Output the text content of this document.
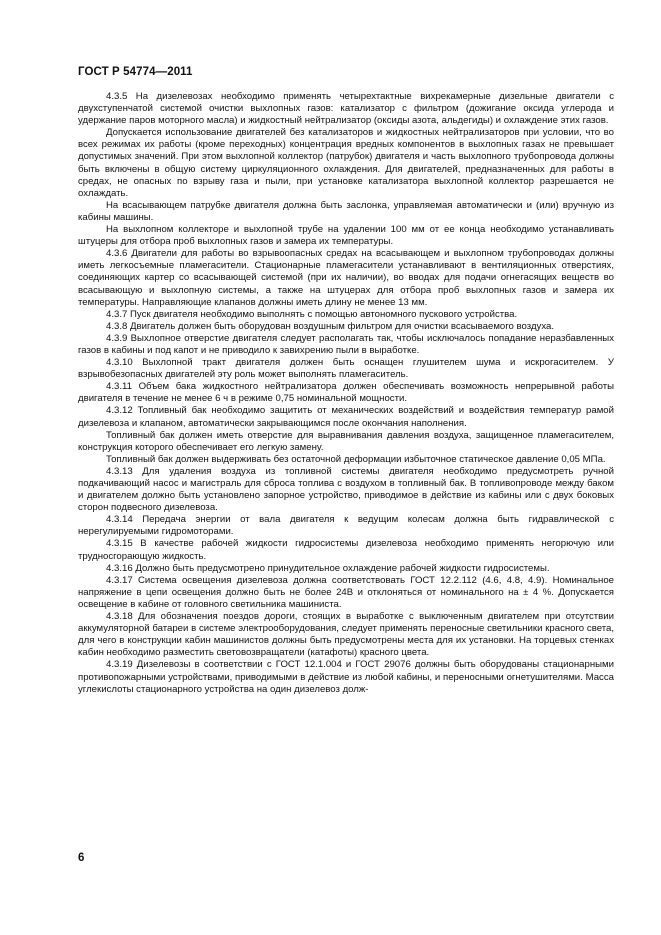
ГОСТ Р 54774—2011

4.3.5 На дизелевозах необходимо применять четырехтактные вихрекамерные дизельные двигатели с двухступенчатой системой очистки выхлопных газов: катализатор с фильтром (дожигание оксида углерода и удержание паров моторного масла) и жидкостный нейтрализатор (оксиды азота, альдегиды) и охлаждение этих газов.

Допускается использование двигателей без катализаторов и жидкостных нейтрализаторов при условии, что во всех режимах их работы (кроме переходных) концентрация вредных компонентов в выхлопных газах не превышает допустимых значений. При этом выхлопной коллектор (патрубок) двигателя и часть выхлопного трубопровода должны быть включены в общую систему циркуляционного охлаждения. Для двигателей, предназначенных для работы в средах, не опасных по взрыву газа и пыли, при установке катализатора выхлопной коллектор разрешается не охлаждать.

На всасывающем патрубке двигателя должна быть заслонка, управляемая автоматически и (или) вручную из кабины машины.

На выхлопном коллекторе и выхлопной трубе на удалении 100 мм от ее конца необходимо устанавливать штуцеры для отбора проб выхлопных газов и замера их температуры.

4.3.6 Двигатели для работы во взрывоопасных средах на всасывающем и выхлопном трубопроводах должны иметь легкосъемные пламегасители. Стационарные пламегасители устанавливают в вентиляционных отверстиях, соединяющих картер со всасывающей системой (при их наличии), во вводах для подачи огнегасящих веществ во всасывающую и выхлопную системы, а также на штуцерах для отбора проб выхлопных газов и замера их температуры. Направляющие клапанов должны иметь длину не менее 13 мм.

4.3.7 Пуск двигателя необходимо выполнять с помощью автономного пускового устройства.

4.3.8 Двигатель должен быть оборудован воздушным фильтром для очистки всасываемого воздуха.

4.3.9 Выхлопное отверстие двигателя следует располагать так, чтобы исключалось попадание неразбавленных газов в кабины и под капот и не приводило к завихрению пыли в выработке.

4.3.10 Выхлопной тракт двигателя должен быть оснащен глушителем шума и искрогасителем. У взрывобезопасных двигателей эту роль может выполнять пламегаситель.

4.3.11 Объем бака жидкостного нейтрализатора должен обеспечивать возможность непрерывной работы двигателя в течение не менее 6 ч в режиме 0,75 номинальной мощности.

4.3.12 Топливный бак необходимо защитить от механических воздействий и воздействия температур рамой дизелевоза и клапаном, автоматически закрывающимся после окончания наполнения.

Топливный бак должен иметь отверстие для выравнивания давления воздуха, защищенное пламегасителем, конструкция которого обеспечивает его легкую замену.

Топливный бак должен выдерживать без остаточной деформации избыточное статическое давление 0,05 МПа.

4.3.13 Для удаления воздуха из топливной системы двигателя необходимо предусмотреть ручной подкачивающий насос и магистраль для сброса топлива с воздухом в топливный бак. В топливопроводе между баком и двигателем должно быть установлено запорное устройство, приводимое в действие из кабины или с двух боковых сторон подвесного дизелевоза.

4.3.14 Передача энергии от вала двигателя к ведущим колесам должна быть гидравлической с нерегулируемыми гидромоторами.

4.3.15 В качестве рабочей жидкости гидросистемы дизелевоза необходимо применять негорючую или трудносгорающую жидкость.

4.3.16 Должно быть предусмотрено принудительное охлаждение рабочей жидкости гидросистемы.

4.3.17 Система освещения дизелевоза должна соответствовать ГОСТ 12.2.112 (4.6, 4.8, 4.9). Номинальное напряжение в цепи освещения должно быть не более 24В и отклоняться от номинального на ± 4 %. Допускается освещение в кабине от головного светильника машиниста.

4.3.18 Для обозначения поездов дороги, стоящих в выработке с выключенным двигателем при отсутствии аккумуляторной батареи в системе электрооборудования, следует применять переносные светильники красного света, для чего в конструкции кабин машинистов должны быть предусмотрены места для их установки. На торцевых стенках кабин необходимо разместить световозвращатели (катафоты) красного цвета.

4.3.19 Дизелевозы в соответствии с ГОСТ 12.1.004 и ГОСТ 29076 должны быть оборудованы стационарными противопожарными устройствами, приводимыми в действие из любой кабины, и переносными огнетушителями. Масса углекислоты стационарного устройства на один дизелевоз долж-

6
